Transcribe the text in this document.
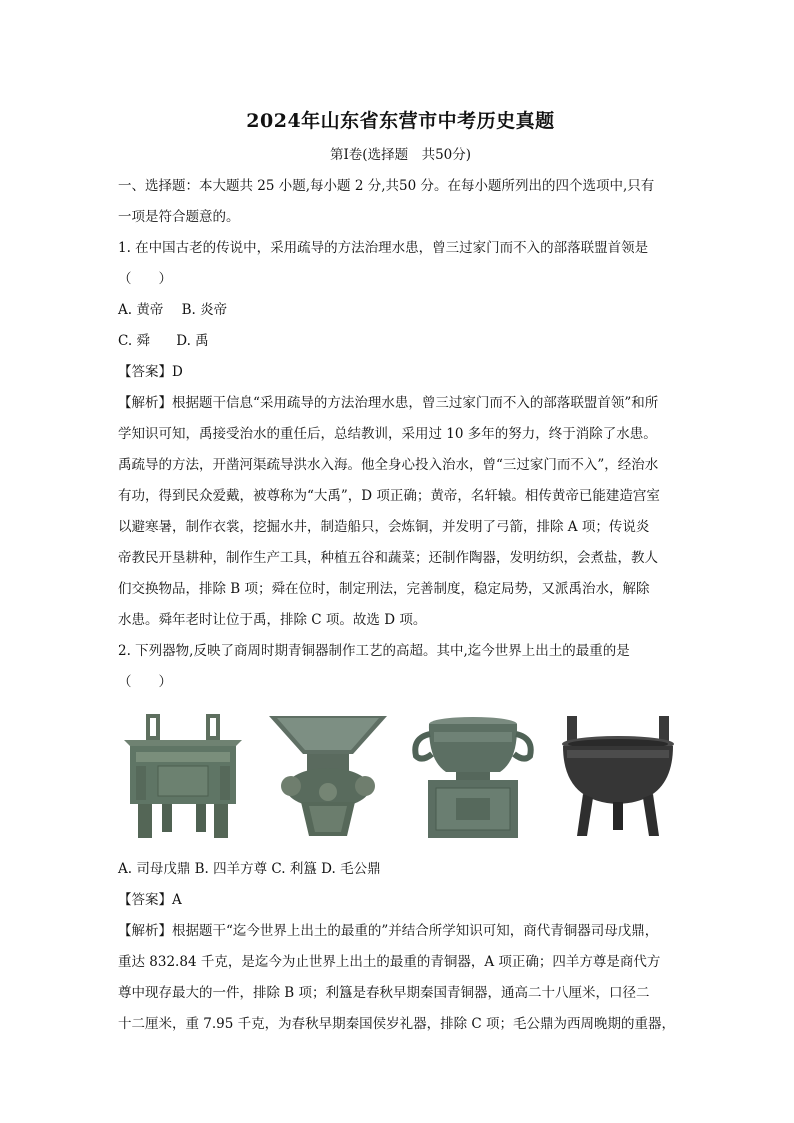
2024年山东省东营市中考历史真题
第Ⅰ卷(选择题　共50分)

一、选择题：本大题共 25 小题,每小题 2 分,共50 分。在每小题所列出的四个选项中,只有

一项是符合题意的。

1. 在中国古老的传说中，采用疏导的方法治理水患，曾三过家门而不入的部落联盟首领是

（　　）

A. 黄帝 B. 炎帝
C. 舜 D. 禹

【答案】D

【解析】根据题干信息“采用疏导的方法治理水患，曾三过家门而不入的部落联盟首领”和所

学知识可知，禹接受治水的重任后，总结教训，采用过 10 多年的努力，终于消除了水患。

禹疏导的方法，开凿河渠疏导洪水入海。他全身心投入治水，曾“三过家门而不入”，经治水

有功，得到民众爱戴，被尊称为“大禹”，D 项正确；黄帝，名轩辕。相传黄帝已能建造宫室

以避寒暑，制作衣裳，挖掘水井，制造船只，会炼铜，并发明了弓箭，排除 A 项；传说炎

帝教民开垦耕种，制作生产工具，种植五谷和蔬菜；还制作陶器，发明纺织，会煮盐，教人

们交换物品，排除 B 项；舜在位时，制定刑法，完善制度，稳定局势，又派禹治水，解除

水患。舜年老时让位于禹，排除 C 项。故选 D 项。

2. 下列器物,反映了商周时期青铜器制作工艺的高超。其中,迄今世界上出土的最重的是

（　　）

A. 司母戊鼎 B. 四羊方尊 C. 利簋 D. 毛公鼎

【答案】A

【解析】根据题干“迄今世界上出土的最重的”并结合所学知识可知，商代青铜器司母戊鼎，

重达 832.84 千克，是迄今为止世界上出土的最重的青铜器，A 项正确；四羊方尊是商代方

尊中现存最大的一件，排除 B 项；利簋是春秋早期秦国青铜器，通高二十八厘米，口径二

十二厘米，重 7.95 千克，为春秋早期秦国侯岁礼器，排除 C 项；毛公鼎为西周晚期的重器，
